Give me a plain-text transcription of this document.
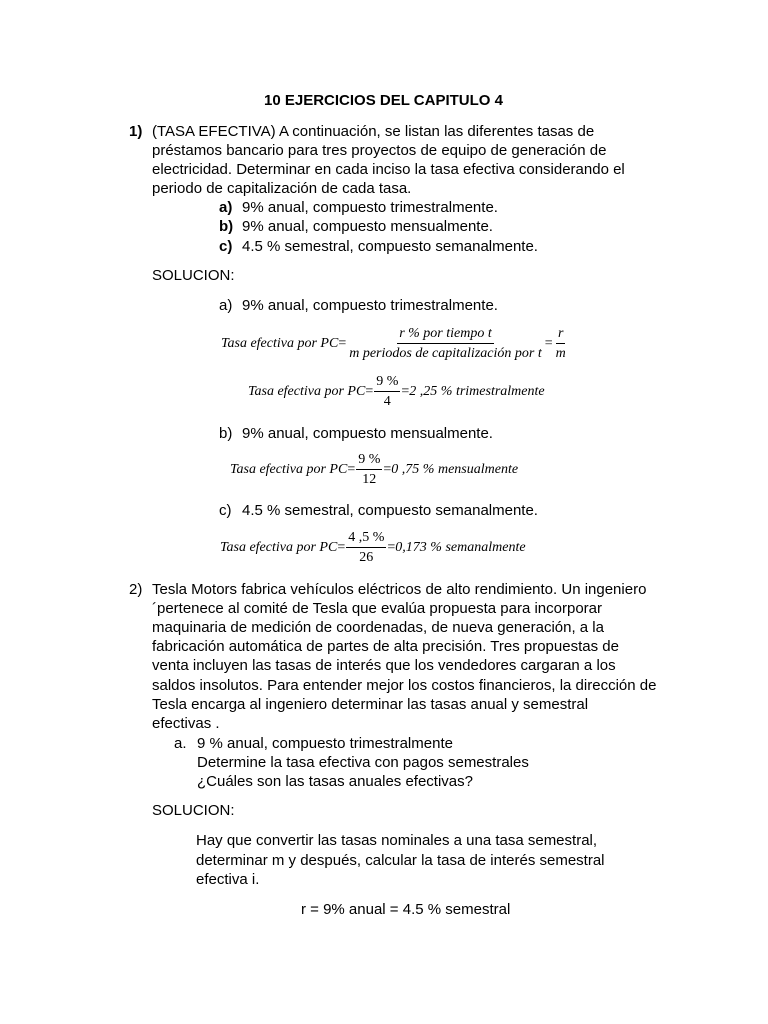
10 EJERCICIOS DEL CAPITULO 4
1) (TASA EFECTIVA) A continuación, se listan las diferentes tasas de
préstamos bancario para tres proyectos de equipo de generación de
electricidad. Determinar en cada inciso la tasa efectiva considerando el
periodo de capitalización de cada tasa.
a) 9% anual, compuesto trimestralmente.
b) 9% anual, compuesto mensualmente.
c) 4.5 % semestral, compuesto semanalmente.
SOLUCION:
a) 9% anual, compuesto trimestralmente.
Tasa efectiva por PC = $\frac{\text{r \% por tiempo t}}{\text{m periodos de capitalización por t}} = \frac{r}{m}$
Tasa efectiva por PC = $\frac{9 \%}{4} = 2$ ,25 % trimestralmente
b) 9% anual, compuesto mensualmente.
Tasa efectiva por PC = $\frac{9 \%}{12} = 0$ ,75 % mensualmente
c) 4.5 % semestral, compuesto semanalmente.
Tasa efectiva por PC = $\frac{4 ,5 \%}{26} = 0,173$ % semanalmente
2) Tesla Motors fabrica vehículos eléctricos de alto rendimiento. Un ingeniero
´pertenece al comité de Tesla que evalúa propuesta para incorporar
maquinaria de medición de coordenadas, de nueva generación, a la
fabricación automática de partes de alta precisión. Tres propuestas de
venta incluyen las tasas de interés que los vendedores cargaran a los
saldos insolutos. Para entender mejor los costos financieros, la dirección de
Tesla encarga al ingeniero determinar las tasas anual y semestral
efectivas .
a. 9 % anual, compuesto trimestralmente
Determine la tasa efectiva con pagos semestrales
¿Cuáles son las tasas anuales efectivas?
SOLUCION:
Hay que convertir las tasas nominales a una tasa semestral,
determinar m y después, calcular la tasa de interés semestral
efectiva i.
r = 9% anual = 4.5 % semestral
